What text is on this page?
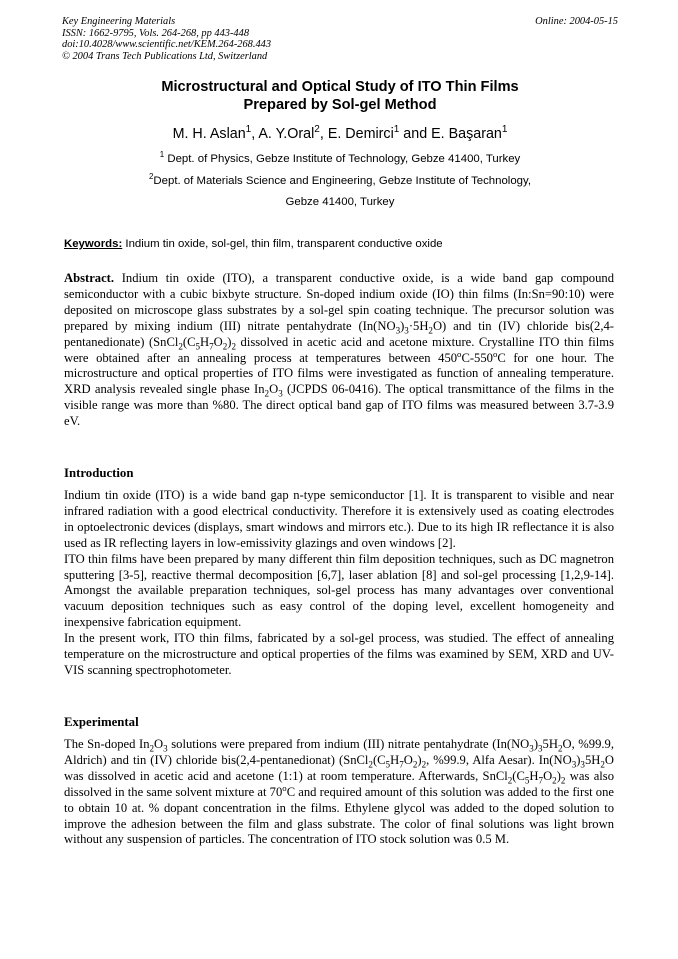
Key Engineering Materials
ISSN: 1662-9795, Vols. 264-268, pp 443-448
doi:10.4028/www.scientific.net/KEM.264-268.443
© 2004 Trans Tech Publications Ltd, Switzerland
Online: 2004-05-15
Microstructural and Optical Study of ITO Thin Films
Prepared by Sol-gel Method
M. H. Aslan$^1$, A. Y.Oral$^2$, E. Demirci$^1$ and E. Başaran$^1$
$^1$ Dept. of Physics, Gebze Institute of Technology, Gebze 41400, Turkey
$^2$Dept. of Materials Science and Engineering, Gebze Institute of Technology,
Gebze 41400, Turkey
Keywords: Indium tin oxide, sol-gel, thin film, transparent conductive oxide

Abstract. Indium tin oxide (ITO), a transparent conductive oxide, is a wide band gap compound semiconductor with a cubic bixbyte structure. Sn-doped indium oxide (IO) thin films (In:Sn=90:10) were deposited on microscope glass substrates by a sol-gel spin coating technique. The precursor solution was prepared by mixing indium (III) nitrate pentahydrate $(In(NO_3)_3\cdot 5H_2O)$ and tin (IV) chloride bis(2,4-pentanedionate) ($SnCl_2(C_5H_7O_2)_2$ dissolved in acetic acid and acetone mixture. Crystalline ITO thin films were obtained after an annealing process at temperatures between 450$^o$C-550$^o$C for one hour. The microstructure and optical properties of ITO films were investigated as function of annealing temperature. XRD analysis revealed single phase $In_2O_3$ (JCPDS 06-0416). The optical transmittance of the films in the visible range was more than %80. The direct optical band gap of ITO films was measured between 3.7-3.9 eV.

Introduction

Indium tin oxide (ITO) is a wide band gap n-type semiconductor [1]. It is transparent to visible and near infrared radiation with a good electrical conductivity. Therefore it is extensively used as coating electrodes in optoelectronic devices (displays, smart windows and mirrors etc.). Due to its high IR reflectance it is also used as IR reflecting layers in low-emissivity glazings and oven windows [2].

ITO thin films have been prepared by many different thin film deposition techniques, such as DC magnetron sputtering [3-5], reactive thermal decomposition [6,7], laser ablation [8] and sol-gel processing [1,2,9-14]. Amongst the available preparation techniques, sol-gel process has many advantages over conventional vacuum deposition techniques such as easy control of the doping level, excellent homogeneity and inexpensive fabrication equipment.

In the present work, ITO thin films, fabricated by a sol-gel process, was studied. The effect of annealing temperature on the microstructure and optical properties of the films was examined by SEM, XRD and UV-VIS scanning spectrophotometer.

Experimental

The Sn-doped $In_2O_3$ solutions were prepared from indium (III) nitrate pentahydrate ($In(NO_3)_35H_2O$, %99.9, Aldrich) and tin (IV) chloride bis(2,4-pentanedionat) ($SnCl_2(C_5H_7O_2)_2$, %99.9, Alfa Aesar). $In(NO_3)_35H_2O$ was dissolved in acetic acid and acetone (1:1) at room temperature. Afterwards, $SnCl_2(C_5H_7O_2)_2$ was also dissolved in the same solvent mixture at 70$^o$C and required amount of this solution was added to the first one to obtain 10 at. % dopant concentration in the films. Ethylene glycol was added to the doped solution to improve the adhesion between the film and glass substrate. The color of final solutions was light brown without any suspension of particles. The concentration of ITO stock solution was 0.5 M.
